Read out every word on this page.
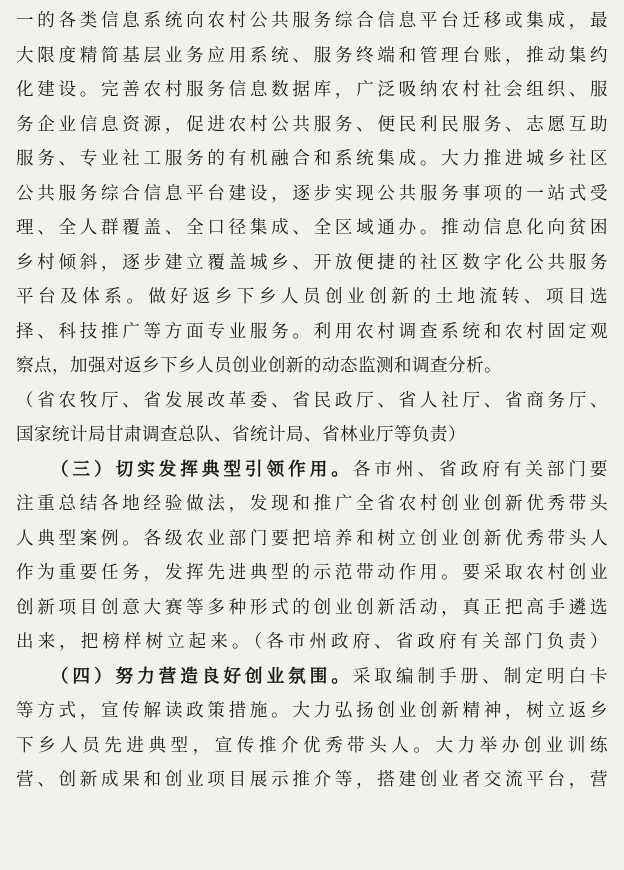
一的各类信息系统向农村公共服务综合信息平台迁移或集成，最
大限度精简基层业务应用系统、服务终端和管理台账，推动集约
化建设。完善农村服务信息数据库，广泛吸纳农村社会组织、服
务企业信息资源，促进农村公共服务、便民利民服务、志愿互助
服务、专业社工服务的有机融合和系统集成。大力推进城乡社区
公共服务综合信息平台建设，逐步实现公共服务事项的一站式受
理、全人群覆盖、全口径集成、全区域通办。推动信息化向贫困
乡村倾斜，逐步建立覆盖城乡、开放便捷的社区数字化公共服务
平台及体系。做好返乡下乡人员创业创新的土地流转、项目选
择、科技推广等方面专业服务。利用农村调查系统和农村固定观
察点，加强对返乡下乡人员创业创新的动态监测和调查分析。
（省农牧厅、省发展改革委、省民政厅、省人社厅、省商务厅、
国家统计局甘肃调查总队、省统计局、省林业厅等负责）
（三）切实发挥典型引领作用。各市州、省政府有关部门要
注重总结各地经验做法，发现和推广全省农村创业创新优秀带头
人典型案例。各级农业部门要把培养和树立创业创新优秀带头人
作为重要任务，发挥先进典型的示范带动作用。要采取农村创业
创新项目创意大赛等多种形式的创业创新活动，真正把高手遴选
出来，把榜样树立起来。（各市州政府、省政府有关部门负责）
（四）努力营造良好创业氛围。采取编制手册、制定明白卡
等方式，宣传解读政策措施。大力弘扬创业创新精神，树立返乡
下乡人员先进典型，宣传推介优秀带头人。大力举办创业训练
营、创新成果和创业项目展示推介等，搭建创业者交流平台，营
